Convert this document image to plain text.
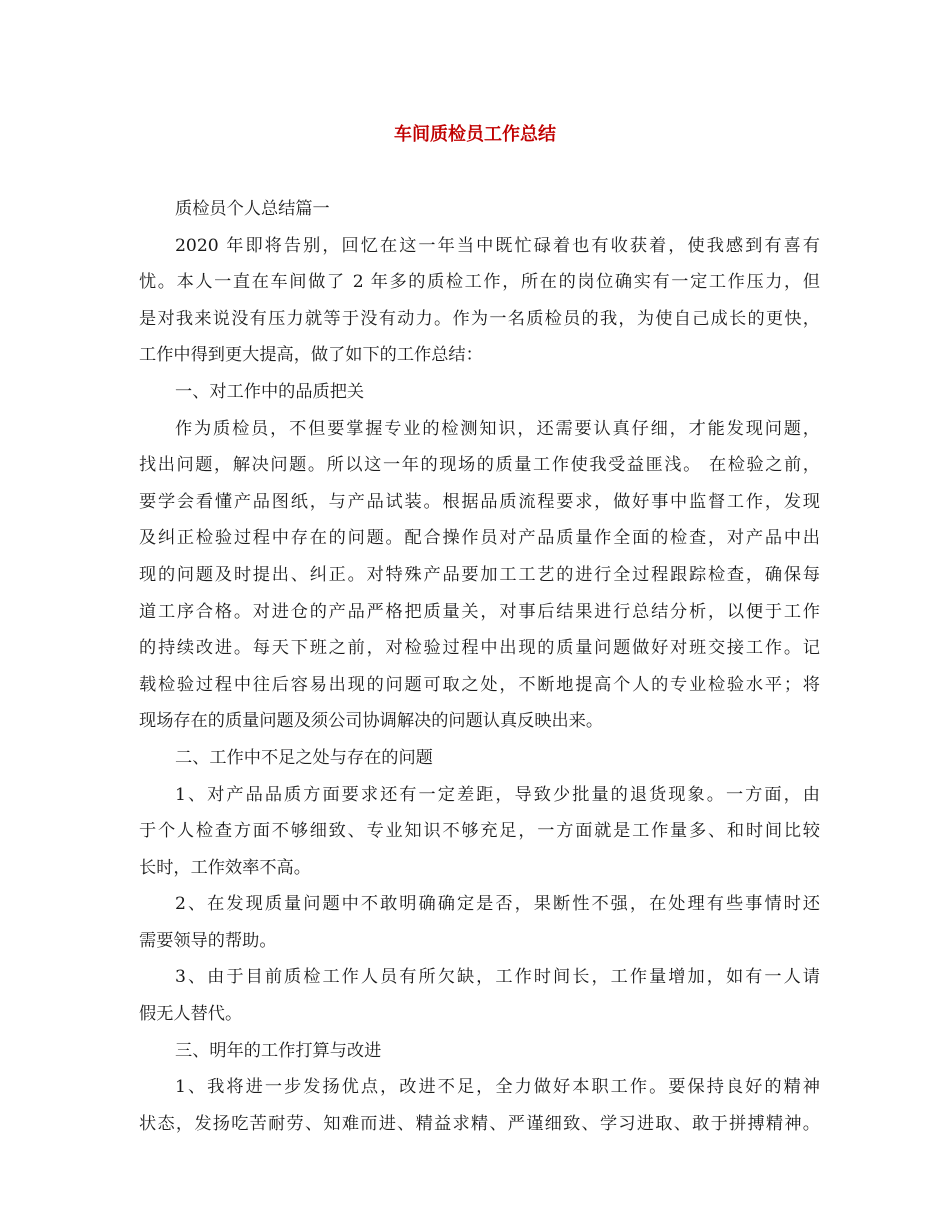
车间质检员工作总结
质检员个人总结篇一
2020 年即将告别，回忆在这一年当中既忙碌着也有收获着，使我感到有喜有
忧。本人一直在车间做了 2 年多的质检工作，所在的岗位确实有一定工作压力，但
是对我来说没有压力就等于没有动力。作为一名质检员的我，为使自己成长的更快，
工作中得到更大提高，做了如下的工作总结：
一、对工作中的品质把关
作为质检员，不但要掌握专业的检测知识，还需要认真仔细，才能发现问题，
找出问题，解决问题。所以这一年的现场的质量工作使我受益匪浅。 在检验之前，
要学会看懂产品图纸，与产品试装。根据品质流程要求，做好事中监督工作，发现
及纠正检验过程中存在的问题。配合操作员对产品质量作全面的检查，对产品中出
现的问题及时提出、纠正。对特殊产品要加工工艺的进行全过程跟踪检查，确保每
道工序合格。对进仓的产品严格把质量关，对事后结果进行总结分析，以便于工作
的持续改进。每天下班之前，对检验过程中出现的质量问题做好对班交接工作。记
载检验过程中往后容易出现的问题可取之处，不断地提高个人的专业检验水平；将
现场存在的质量问题及须公司协调解决的问题认真反映出来。
二、工作中不足之处与存在的问题
1、对产品品质方面要求还有一定差距，导致少批量的退货现象。一方面，由
于个人检查方面不够细致、专业知识不够充足，一方面就是工作量多、和时间比较
长时，工作效率不高。
2、在发现质量问题中不敢明确确定是否，果断性不强，在处理有些事情时还
需要领导的帮助。
3、由于目前质检工作人员有所欠缺，工作时间长，工作量增加，如有一人请
假无人替代。
三、明年的工作打算与改进
1、我将进一步发扬优点，改进不足，全力做好本职工作。要保持良好的精神
状态，发扬吃苦耐劳、知难而进、精益求精、严谨细致、学习进取、敢于拼搏精神。
